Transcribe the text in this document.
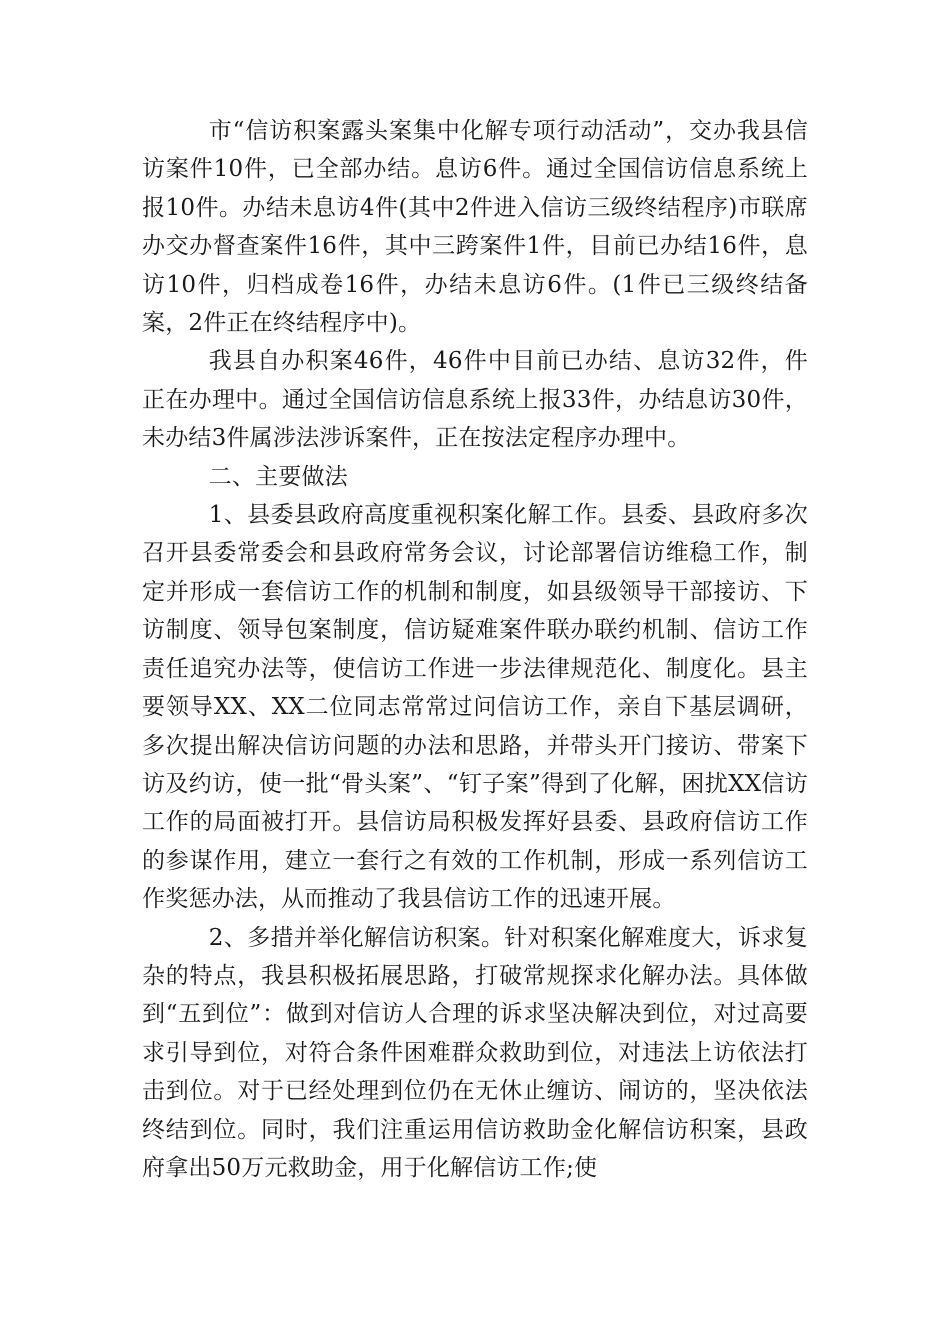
市“信访积案露头案集中化解专项行动活动”，交办我县信访案件10件，已全部办结。息访6件。通过全国信访信息系统上报10件。办结未息访4件(其中2件进入信访三级终结程序)市联席办交办督查案件16件，其中三跨案件1件，目前已办结16件，息访10件，归档成卷16件，办结未息访6件。(1件已三级终结备案，2件正在终结程序中)。

我县自办积案46件，46件中目前已办结、息访32件，件正在办理中。通过全国信访信息系统上报33件，办结息访30件，未办结3件属涉法涉诉案件，正在按法定程序办理中。

二、主要做法

1、县委县政府高度重视积案化解工作。县委、县政府多次召开县委常委会和县政府常务会议，讨论部署信访维稳工作，制定并形成一套信访工作的机制和制度，如县级领导干部接访、下访制度、领导包案制度，信访疑难案件联办联约机制、信访工作责任追究办法等，使信访工作进一步法律规范化、制度化。县主要领导XX、XX二位同志常常过问信访工作，亲自下基层调研，多次提出解决信访问题的办法和思路，并带头开门接访、带案下访及约访，使一批“骨头案”、“钉子案”得到了化解，困扰XX信访工作的局面被打开。县信访局积极发挥好县委、县政府信访工作的参谋作用，建立一套行之有效的工作机制，形成一系列信访工作奖惩办法，从而推动了我县信访工作的迅速开展。

2、多措并举化解信访积案。针对积案化解难度大，诉求复杂的特点，我县积极拓展思路，打破常规探求化解办法。具体做到“五到位”：做到对信访人合理的诉求坚决解决到位，对过高要求引导到位，对符合条件困难群众救助到位，对违法上访依法打击到位。对于已经处理到位仍在无休止缠访、闹访的，坚决依法终结到位。同时，我们注重运用信访救助金化解信访积案，县政府拿出50万元救助金，用于化解信访工作;使
